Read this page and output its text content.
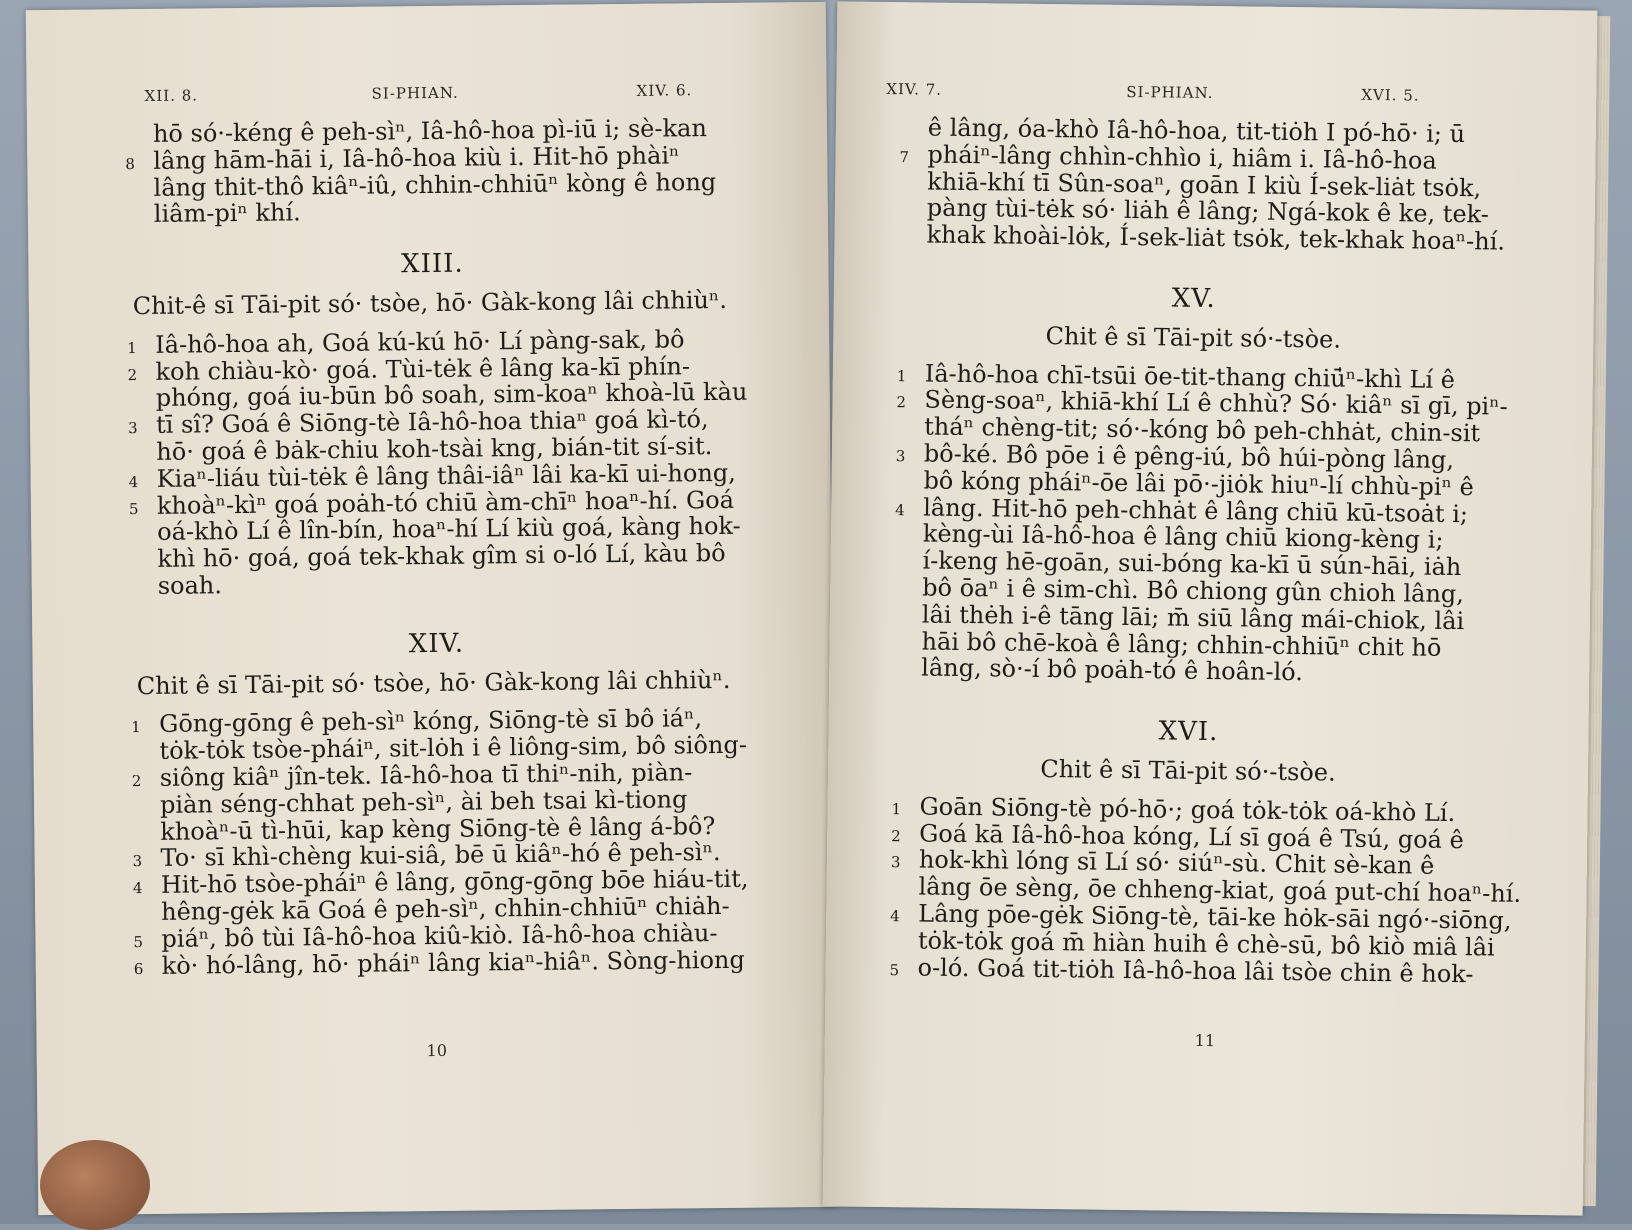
XII. 8.	SI-PHIAN.	XIV. 6.
hō só·-kéng ê peh-sìⁿ, Iâ-hô-hoa pì-iū i; sè-kan
8 lâng hām-hāi i, Iâ-hô-hoa kiù i. Hit-hō phàiⁿ
lâng thit-thô kiâⁿ-iû, chhin-chhiūⁿ kòng ê hong
liâm-piⁿ khí.
XIII.
Chit-ê sī Tāi-pit só· tsòe, hō· Gàk-kong lâi chhiùⁿ.
1 Iâ-hô-hoa ah, Goá kú-kú hō· Lí pàng-sak, bô
2 koh chiàu-kò· goá. Tùi-tėk ê lâng ka-kī phín-
phóng, goá iu-būn bô soah, sim-koaⁿ khoà-lū kàu
3 tī sî? Goá ê Siōng-tè Iâ-hô-hoa thiaⁿ goá kì-tó,
hō· goá ê bȧk-chiu koh-tsài kng, bián-tit sí-sit.
4 Kiaⁿ-liáu tùi-tėk ê lâng thâi-iâⁿ lâi ka-kī ui-hong,
5 khoàⁿ-kìⁿ goá poȧh-tó chiū àm-chīⁿ hoaⁿ-hí. Goá
oá-khò Lí ê lîn-bín, hoaⁿ-hí Lí kiù goá, kàng hok-
khì hō· goá, goá tek-khak gîm si o-ló Lí, kàu bô
soah.
XIV.
Chit ê sī Tāi-pit só· tsòe, hō· Gàk-kong lâi chhiùⁿ.
1 Gōng-gōng ê peh-sìⁿ kóng, Siōng-tè sī bô iáⁿ,
tȯk-tȯk tsòe-pháiⁿ, sit-lȯh i ê liông-sim, bô siông-
2 siông kiâⁿ jîn-tek. Iâ-hô-hoa tī thiⁿ-nih, piàn-
piàn séng-chhat peh-sìⁿ, ài beh tsai kì-tiong
khoàⁿ-ū tì-hūi, kap kèng Siōng-tè ê lâng á-bô?
3 To· sī khì-chèng kui-siâ, bē ū kiâⁿ-hó ê peh-sìⁿ.
4 Hit-hō tsòe-pháiⁿ ê lâng, gōng-gōng bōe hiáu-tit,
hêng-gėk kā Goá ê peh-sìⁿ, chhin-chhiūⁿ chiȧh-
5 piáⁿ, bô tùi Iâ-hô-hoa kiû-kiò. Iâ-hô-hoa chiàu-
6 kò· hó-lâng, hō· pháiⁿ lâng kiaⁿ-hiâⁿ. Sòng-hiong
10
XIV. 7.	SI-PHIAN.	XVI. 5.
ê lâng, óa-khò Iâ-hô-hoa, tit-tiȯh I pó-hō· i; ū
7 pháiⁿ-lâng chhìn-chhìo i, hiâm i. Iâ-hô-hoa
khiā-khí tī Sûn-soaⁿ, goān I kiù Í-sek-liȧt tsȯk,
pàng tùi-tėk só· liȧh ê lâng; Ngá-kok ê ke, tek-
khak khoài-lȯk, Í-sek-liȧt tsȯk, tek-khak hoaⁿ-hí.
XV.
Chit ê sī Tāi-pit só·-tsòe.
1 Iâ-hô-hoa chī-tsūi ōe-tit-thang chiū̍ⁿ-khì Lí ê
2 Sèng-soaⁿ, khiā-khí Lí ê chhù? Só· kiâⁿ sī gī, piⁿ-
tháⁿ chèng-tit; só·-kóng bô peh-chhȧt, chin-sit
3 bô-ké. Bô pōe i ê pêng-iú, bô húi-pòng lâng,
bô kóng pháiⁿ-ōe lâi pō·-jiȯk hiuⁿ-lí chhù-piⁿ ê
4 lâng. Hit-hō peh-chhȧt ê lâng chiū kū-tsoȧt i;
kèng-ùi Iâ-hô-hoa ê lâng chiū kiong-kèng i;
í-keng hē-goān, sui-bóng ka-kī ū sún-hāi, iȧh
bô ōaⁿ i ê sim-chì. Bô chiong gûn chioh lâng,
lâi thėh i-ê tāng lāi; m̄ siū lâng mái-chiok, lâi
hāi bô chē-koà ê lâng; chhin-chhiūⁿ chit hō
lâng, sò·-í bô poȧh-tó ê hoân-ló.
XVI.
Chit ê sī Tāi-pit só·-tsòe.
1 Goān Siōng-tè pó-hō·; goá tȯk-tȯk oá-khò Lí.
2 Goá kā Iâ-hô-hoa kóng, Lí sī goá ê Tsú, goá ê
3 hok-khì lóng sī Lí só· siúⁿ-sù. Chit sè-kan ê
lâng ōe sèng, ōe chheng-kiat, goá put-chí hoaⁿ-hí.
4 Lâng pōe-gėk Siōng-tè, tāi-ke hȯk-sāi ngó·-siōng,
tȯk-tȯk goá m̄ hiàn huih ê chè-sū, bô kiò miâ lâi
5 o-ló. Goá tit-tiȯh Iâ-hô-hoa lâi tsòe chin ê hok-
11
